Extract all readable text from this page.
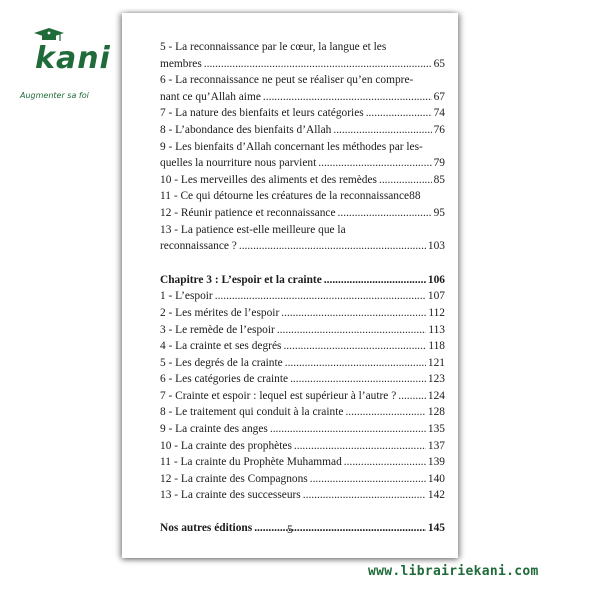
kani
Augmenter sa foi
5 - La reconnaissance par le cœur, la langue et les
membres .....	65
6 - La reconnaissance ne peut se réaliser qu’en compre-
nant ce qu’Allah aime .....	67
7 - La nature des bienfaits et leurs catégories .....	74
8 - L’abondance des bienfaits d’Allah .....	76
9 - Les bienfaits d’Allah concernant les méthodes par les-
quelles la nourriture nous parvient .....	79
10 - Les merveilles des aliments et des remèdes .....	85
11 - Ce qui détourne les créatures de la reconnaissance 88
12 - Réunir patience et reconnaissance .....	95
13 - La patience est-elle meilleure que la
reconnaissance ? .....	103
Chapitre 3 : L’espoir et la crainte .....	106
1 - L’espoir .....	107
2 - Les mérites de l’espoir .....	112
3 - Le remède de l’espoir .....	113
4 - La crainte et ses degrés .....	118
5 - Les degrés de la crainte .....	121
6 - Les catégories de crainte .....	123
7 - Crainte et espoir : lequel est supérieur à l’autre ? .....	124
8 - Le traitement qui conduit à la crainte .....	128
9 - La crainte des anges .....	135
10 - La crainte des prophètes .....	137
11 - La crainte du Prophète Muhammad .....	139
12 - La crainte des Compagnons .....	140
13 - La crainte des successeurs .....	142
Nos autres éditions .....	145
5
www.librairiekani.com
